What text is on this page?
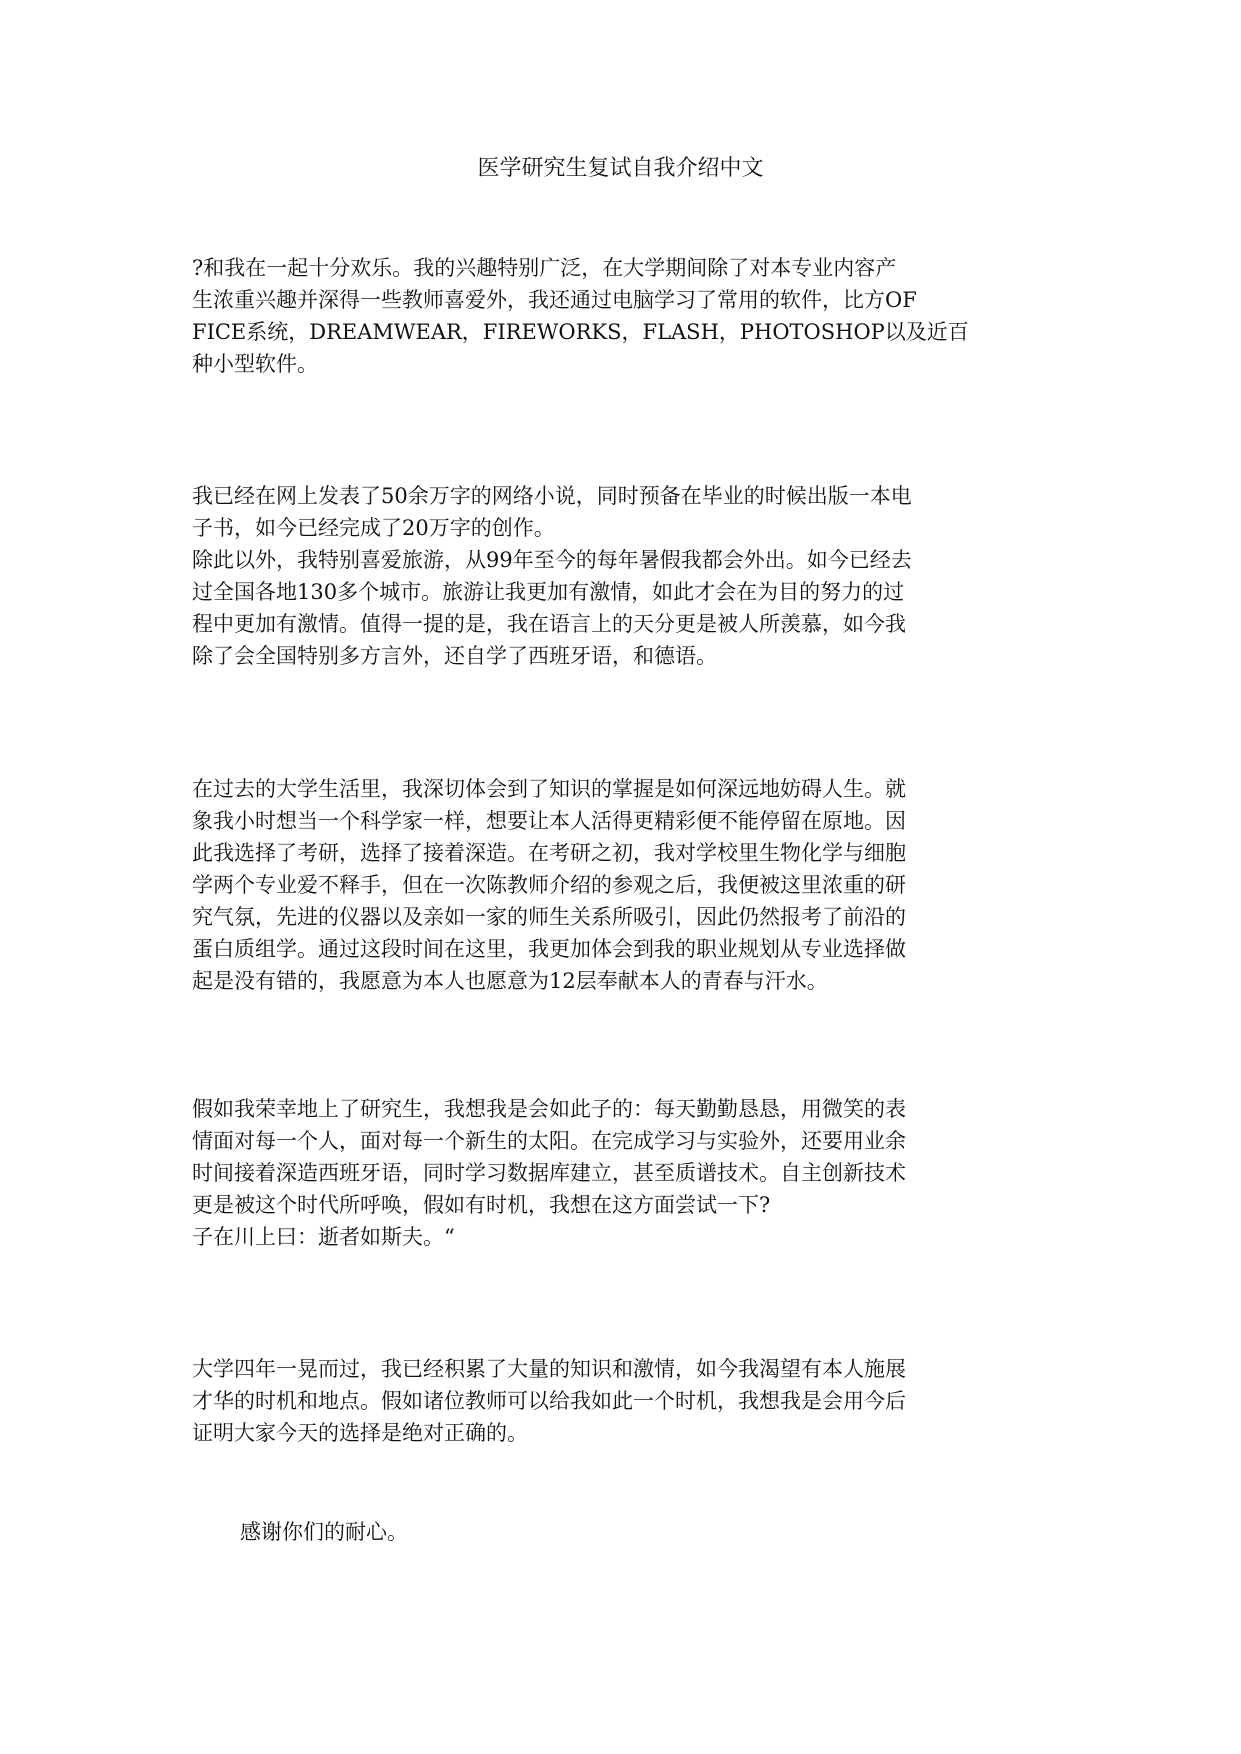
医学研究生复试自我介绍中文

?和我在一起十分欢乐。我的兴趣特别广泛，在大学期间除了对本专业内容产
生浓重兴趣并深得一些教师喜爱外，我还通过电脑学习了常用的软件，比方OF
FICE系统，DREAMWEAR，FIREWORKS，FLASH，PHOTOSHOP以及近百
种小型软件。

我已经在网上发表了50余万字的网络小说，同时预备在毕业的时候出版一本电
子书，如今已经完成了20万字的创作。
除此以外，我特别喜爱旅游，从99年至今的每年暑假我都会外出。如今已经去
过全国各地130多个城市。旅游让我更加有激情，如此才会在为目的努力的过
程中更加有激情。值得一提的是，我在语言上的天分更是被人所羡慕，如今我
除了会全国特别多方言外，还自学了西班牙语，和德语。

在过去的大学生活里，我深切体会到了知识的掌握是如何深远地妨碍人生。就
象我小时想当一个科学家一样，想要让本人活得更精彩便不能停留在原地。因
此我选择了考研，选择了接着深造。在考研之初，我对学校里生物化学与细胞
学两个专业爱不释手，但在一次陈教师介绍的参观之后，我便被这里浓重的研
究气氛，先进的仪器以及亲如一家的师生关系所吸引，因此仍然报考了前沿的
蛋白质组学。通过这段时间在这里，我更加体会到我的职业规划从专业选择做
起是没有错的，我愿意为本人也愿意为12层奉献本人的青春与汗水。

假如我荣幸地上了研究生，我想我是会如此子的：每天勤勤恳恳，用微笑的表
情面对每一个人，面对每一个新生的太阳。在完成学习与实验外，还要用业余
时间接着深造西班牙语，同时学习数据库建立，甚至质谱技术。自主创新技术
更是被这个时代所呼唤，假如有时机，我想在这方面尝试一下?
子在川上曰：逝者如斯夫。“

大学四年一晃而过，我已经积累了大量的知识和激情，如今我渴望有本人施展
才华的时机和地点。假如诸位教师可以给我如此一个时机，我想我是会用今后
证明大家今天的选择是绝对正确的。

感谢你们的耐心。
